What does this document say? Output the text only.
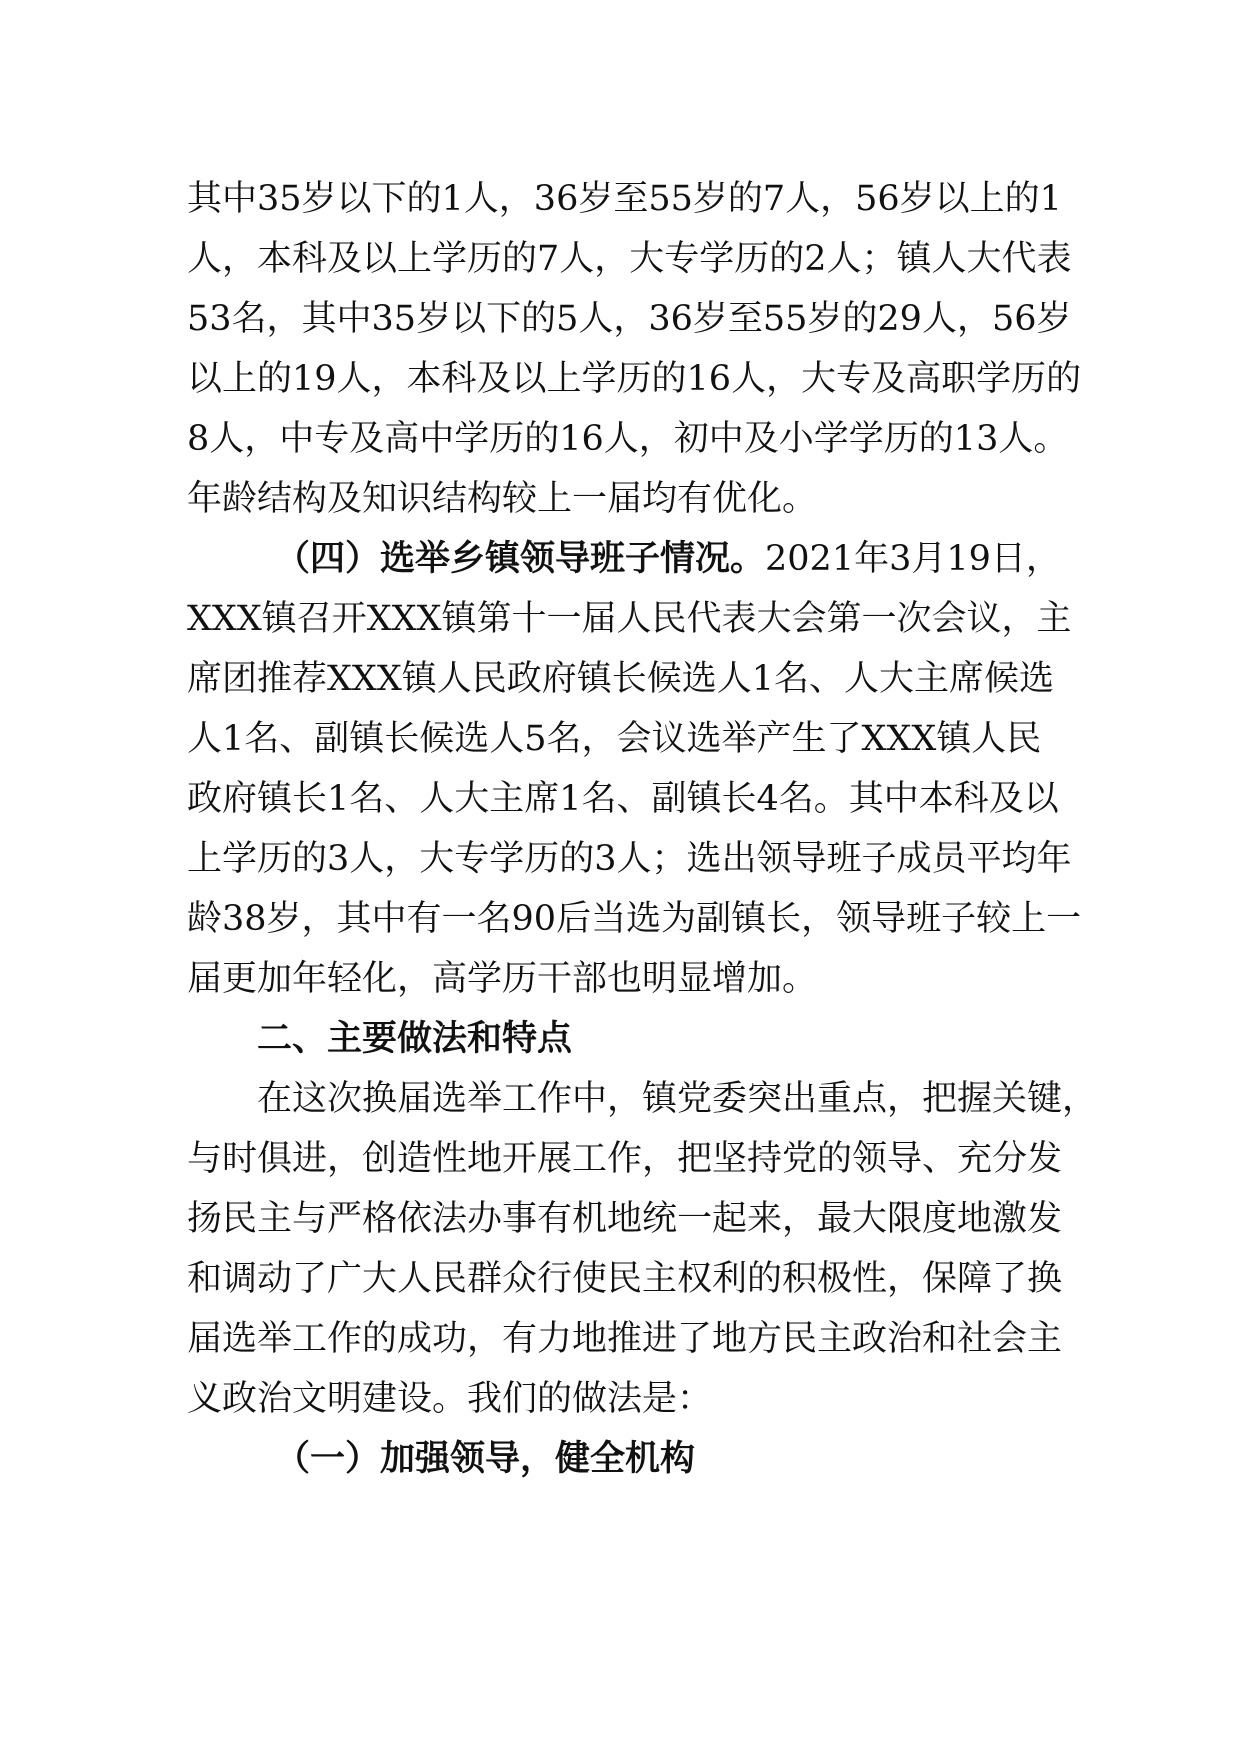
其中35岁以下的1人，36岁至55岁的7人，56岁以上的1
人，本科及以上学历的7人，大专学历的2人；镇人大代表
53名，其中35岁以下的5人，36岁至55岁的29人，56岁
以上的19人，本科及以上学历的16人，大专及高职学历的
8人，中专及高中学历的16人，初中及小学学历的13人。
年龄结构及知识结构较上一届均有优化。
（四）选举乡镇领导班子情况。2021年3月19日，
XXX镇召开XXX镇第十一届人民代表大会第一次会议，主
席团推荐XXX镇人民政府镇长候选人1名、人大主席候选
人1名、副镇长候选人5名，会议选举产生了XXX镇人民
政府镇长1名、人大主席1名、副镇长4名。其中本科及以
上学历的3人，大专学历的3人；选出领导班子成员平均年
龄38岁，其中有一名90后当选为副镇长，领导班子较上一
届更加年轻化，高学历干部也明显增加。
二、主要做法和特点
在这次换届选举工作中，镇党委突出重点，把握关键，
与时俱进，创造性地开展工作，把坚持党的领导、充分发
扬民主与严格依法办事有机地统一起来，最大限度地激发
和调动了广大人民群众行使民主权利的积极性，保障了换
届选举工作的成功，有力地推进了地方民主政治和社会主
义政治文明建设。我们的做法是：
（一）加强领导，健全机构
